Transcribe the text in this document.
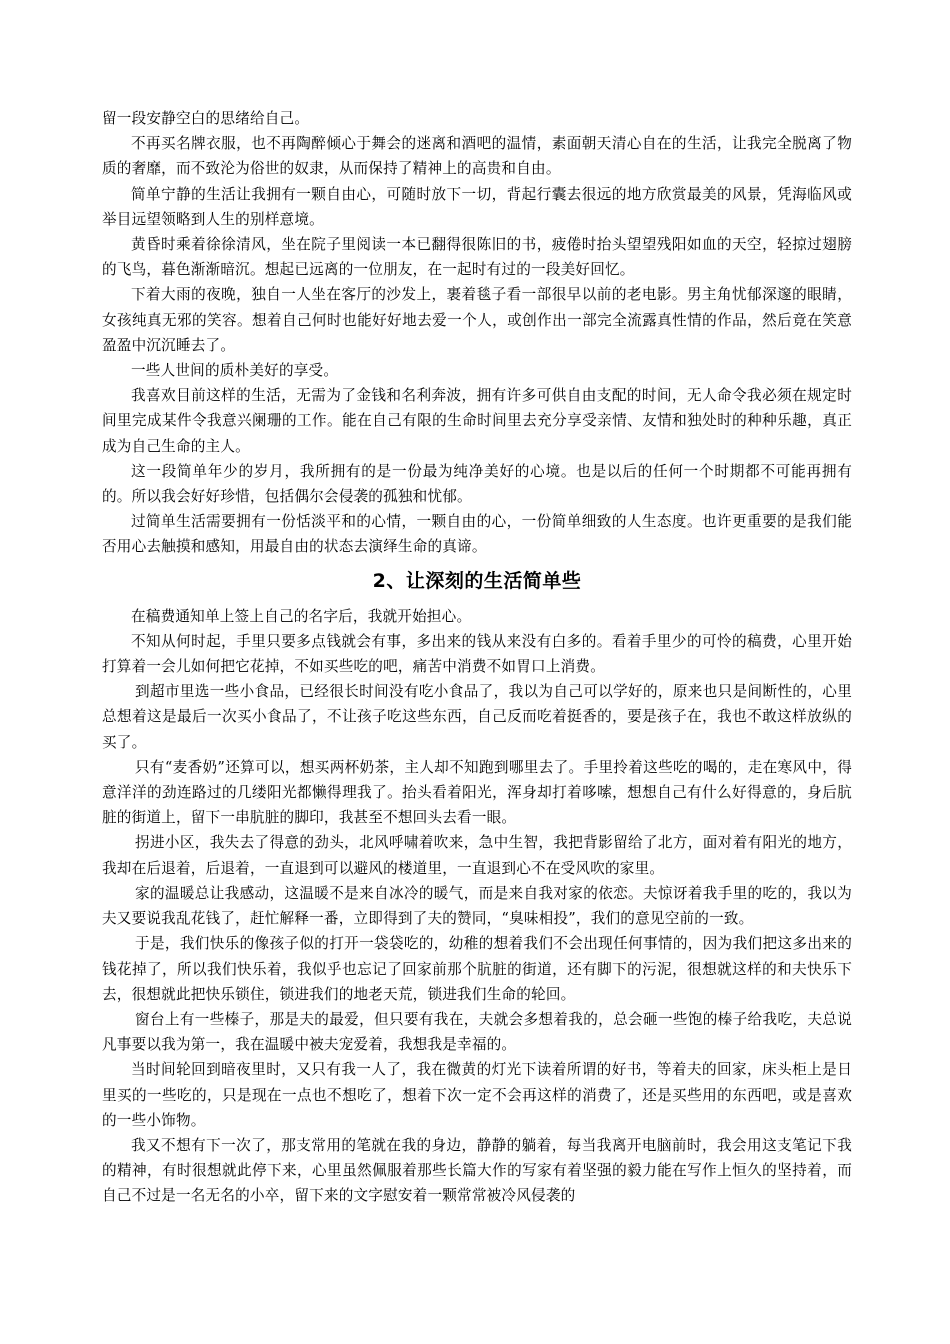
留一段安静空白的思绪给自己。

不再买名牌衣服，也不再陶醉倾心于舞会的迷离和酒吧的温情，素面朝天清心自在的生活，让我完全脱离了物质的奢靡，而不致沦为俗世的奴隶，从而保持了精神上的高贵和自由。

简单宁静的生活让我拥有一颗自由心，可随时放下一切，背起行囊去很远的地方欣赏最美的风景，凭海临风或举目远望领略到人生的别样意境。

黄昏时乘着徐徐清风，坐在院子里阅读一本已翻得很陈旧的书，疲倦时抬头望望残阳如血的天空，轻掠过翅膀的飞鸟，暮色渐渐暗沉。想起已远离的一位朋友，在一起时有过的一段美好回忆。

下着大雨的夜晚，独自一人坐在客厅的沙发上，裹着毯子看一部很早以前的老电影。男主角忧郁深邃的眼睛，女孩纯真无邪的笑容。想着自己何时也能好好地去爱一个人，或创作出一部完全流露真性情的作品，然后竟在笑意盈盈中沉沉睡去了。

一些人世间的质朴美好的享受。

我喜欢目前这样的生活，无需为了金钱和名利奔波，拥有许多可供自由支配的时间，无人命令我必须在规定时间里完成某件令我意兴阑珊的工作。能在自己有限的生命时间里去充分享受亲情、友情和独处时的种种乐趣，真正成为自己生命的主人。

这一段简单年少的岁月，我所拥有的是一份最为纯净美好的心境。也是以后的任何一个时期都不可能再拥有的。所以我会好好珍惜，包括偶尔会侵袭的孤独和忧郁。

过简单生活需要拥有一份恬淡平和的心情，一颗自由的心，一份简单细致的人生态度。也许更重要的是我们能否用心去触摸和感知，用最自由的状态去演绎生命的真谛。

2、让深刻的生活简单些

在稿费通知单上签上自己的名字后，我就开始担心。

不知从何时起，手里只要多点钱就会有事，多出来的钱从来没有白多的。看着手里少的可怜的稿费，心里开始打算着一会儿如何把它花掉，不如买些吃的吧，痛苦中消费不如胃口上消费。

到超市里选一些小食品，已经很长时间没有吃小食品了，我以为自己可以学好的，原来也只是间断性的，心里总想着这是最后一次买小食品了，不让孩子吃这些东西，自己反而吃着挺香的，要是孩子在，我也不敢这样放纵的买了。

只有“麦香奶”还算可以，想买两杯奶茶，主人却不知跑到哪里去了。手里拎着这些吃的喝的，走在寒风中，得意洋洋的劲连路过的几缕阳光都懒得理我了。抬头看着阳光，浑身却打着哆嗦，想想自己有什么好得意的，身后肮脏的街道上，留下一串肮脏的脚印，我甚至不想回头去看一眼。

拐进小区，我失去了得意的劲头，北风呼啸着吹来，急中生智，我把背影留给了北方，面对着有阳光的地方，我却在后退着，后退着，一直退到可以避风的楼道里，一直退到心不在受风吹的家里。

家的温暖总让我感动，这温暖不是来自冰冷的暖气，而是来自我对家的依恋。夫惊讶着我手里的吃的，我以为夫又要说我乱花钱了，赶忙解释一番，立即得到了夫的赞同，“臭味相投”，我们的意见空前的一致。

于是，我们快乐的像孩子似的打开一袋袋吃的，幼稚的想着我们不会出现任何事情的，因为我们把这多出来的钱花掉了，所以我们快乐着，我似乎也忘记了回家前那个肮脏的街道，还有脚下的污泥，很想就这样的和夫快乐下去，很想就此把快乐锁住，锁进我们的地老天荒，锁进我们生命的轮回。

窗台上有一些榛子，那是夫的最爱，但只要有我在，夫就会多想着我的，总会砸一些饱的榛子给我吃，夫总说凡事要以我为第一，我在温暖中被夫宠爱着，我想我是幸福的。

当时间轮回到暗夜里时，又只有我一人了，我在微黄的灯光下读着所谓的好书，等着夫的回家，床头柜上是日里买的一些吃的，只是现在一点也不想吃了，想着下次一定不会再这样的消费了，还是买些用的东西吧，或是喜欢的一些小饰物。

我又不想有下一次了，那支常用的笔就在我的身边，静静的躺着，每当我离开电脑前时，我会用这支笔记下我的精神，有时很想就此停下来，心里虽然佩服着那些长篇大作的写家有着坚强的毅力能在写作上恒久的坚持着，而自己不过是一名无名的小卒，留下来的文字慰安着一颗常常被冷风侵袭的
